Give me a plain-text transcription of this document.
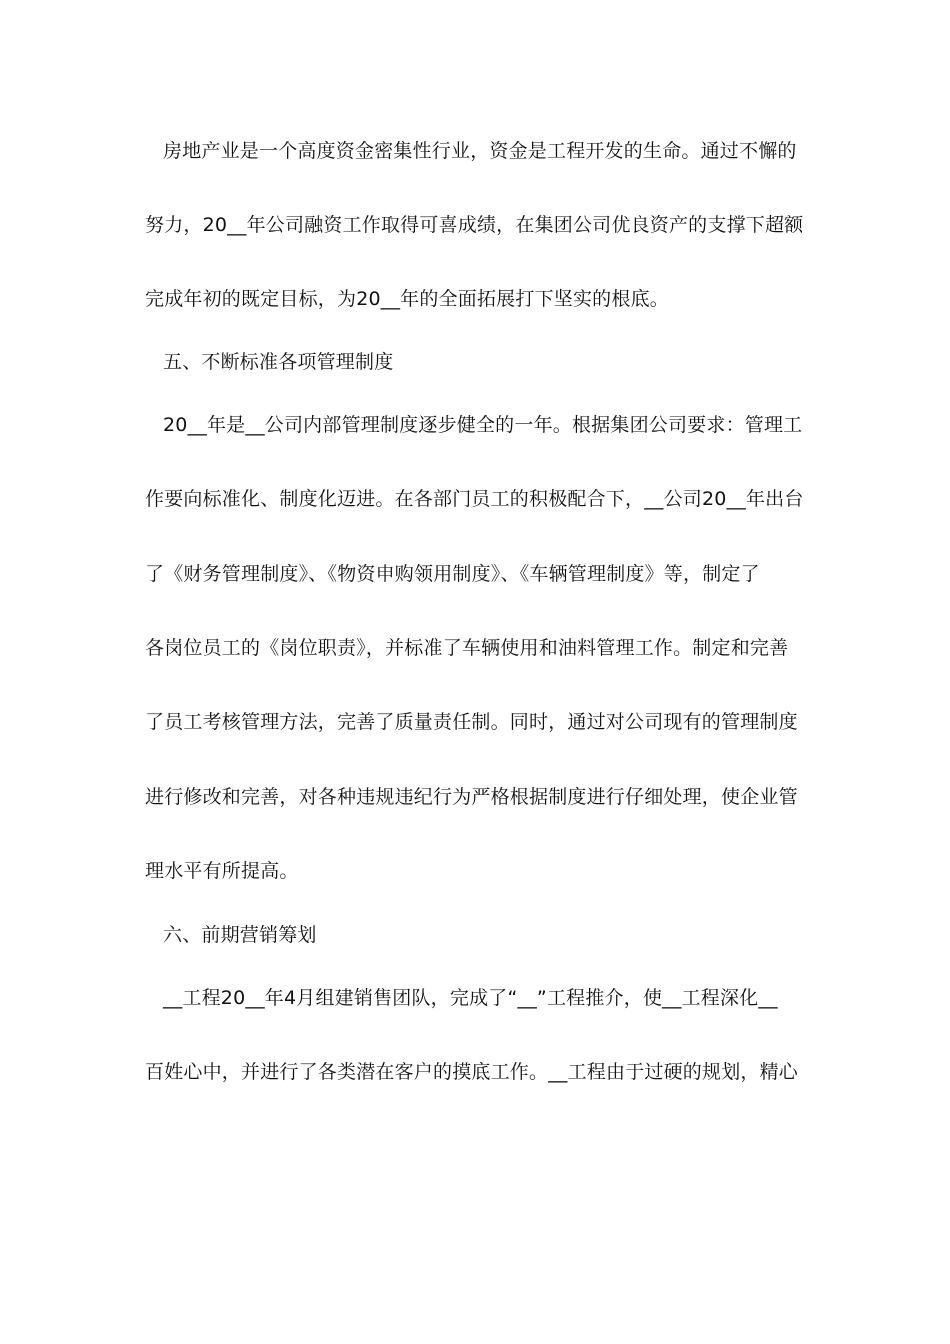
房地产业是一个高度资金密集性行业，资金是工程开发的生命。通过不懈的
努力，20__年公司融资工作取得可喜成绩，在集团公司优良资产的支撑下超额
完成年初的既定目标，为20__年的全面拓展打下坚实的根底。
五、不断标准各项管理制度
20__年是__公司内部管理制度逐步健全的一年。根据集团公司要求：管理工
作要向标准化、制度化迈进。在各部门员工的积极配合下，__公司20__年出台
了《财务管理制度》、《物资申购领用制度》、《车辆管理制度》等，制定了
各岗位员工的《岗位职责》，并标准了车辆使用和油料管理工作。制定和完善
了员工考核管理方法，完善了质量责任制。同时，通过对公司现有的管理制度
进行修改和完善，对各种违规违纪行为严格根据制度进行仔细处理，使企业管
理水平有所提高。
六、前期营销筹划
__工程20__年4月组建销售团队，完成了“__”工程推介，使__工程深化__
百姓心中，并进行了各类潜在客户的摸底工作。__工程由于过硬的规划，精心
